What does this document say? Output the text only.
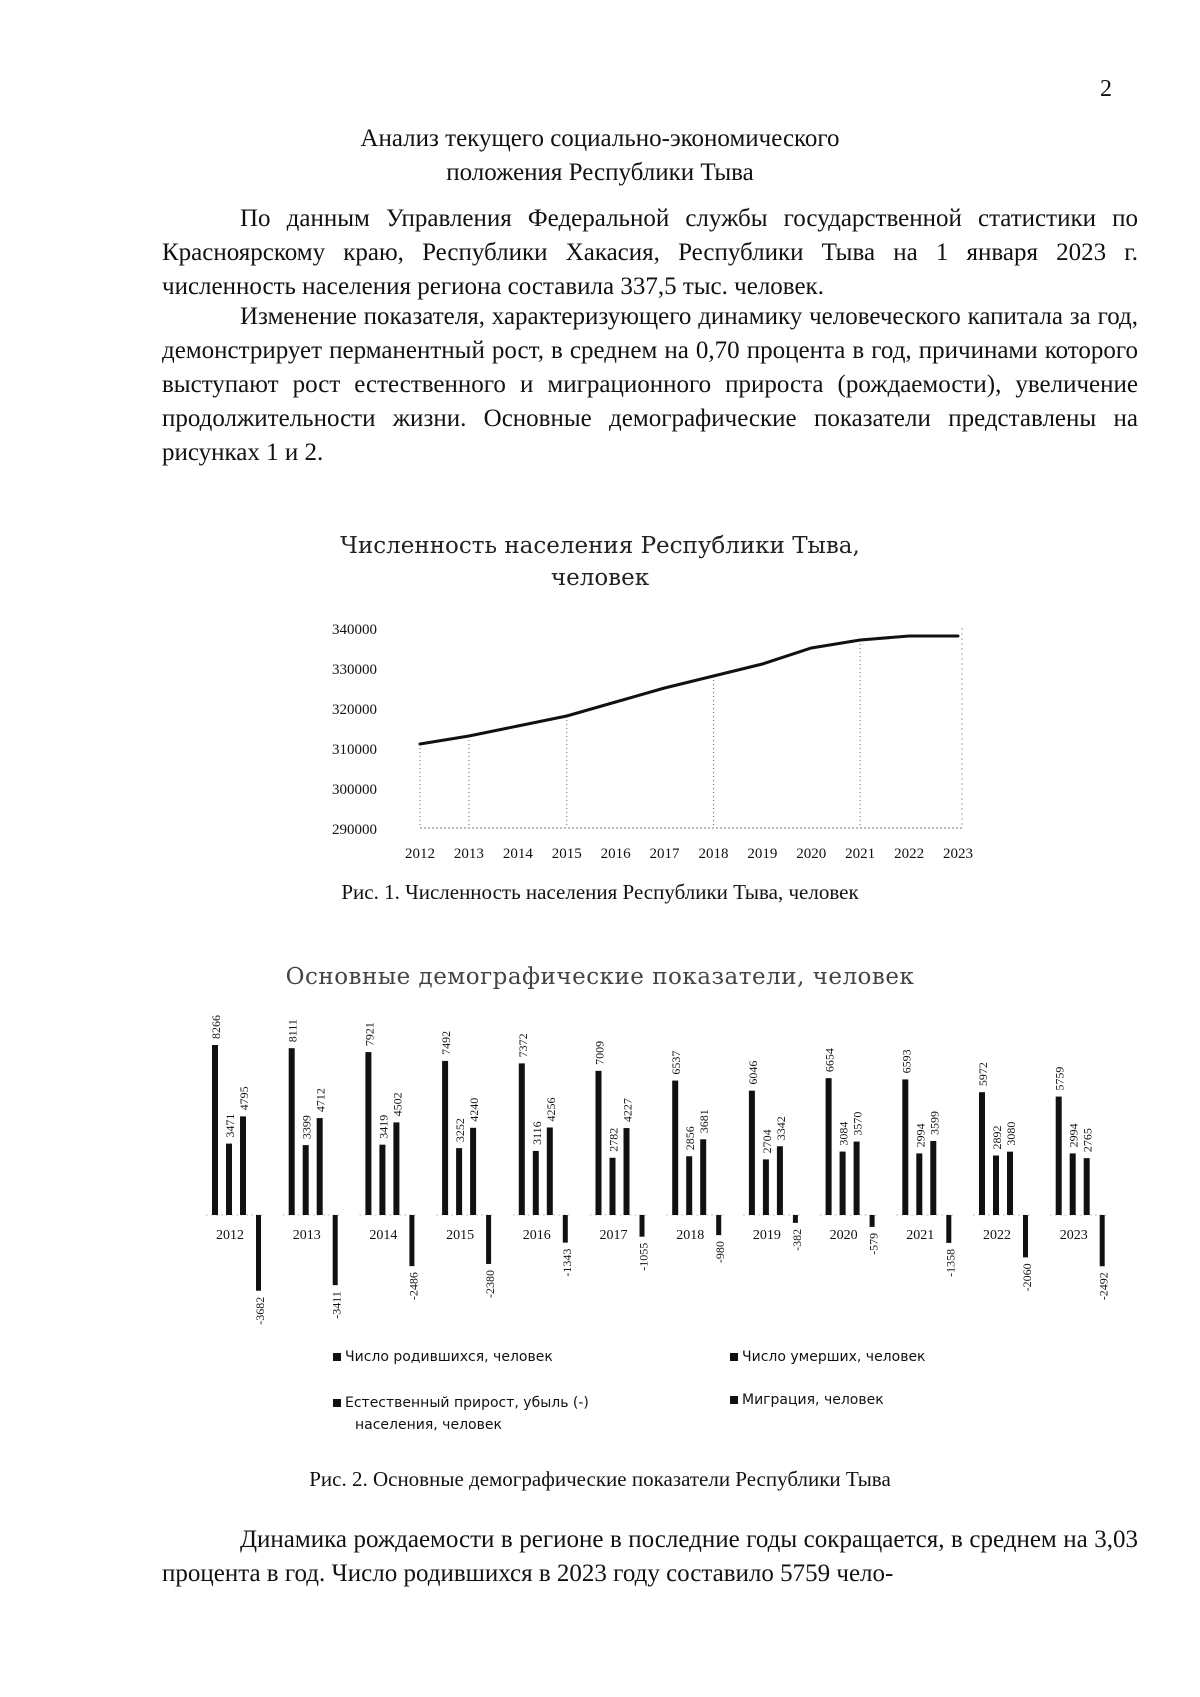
2
Анализ текущего социально-экономического
положения Республики Тыва

По данным Управления Федеральной службы государственной статистики по Красноярскому краю, Республики Хакасия, Республики Тыва на 1 января 2023 г. численность населения региона составила 337,5 тыс. человек.

Изменение показателя, характеризующего динамику человеческого капитала за год, демонстрирует перманентный рост, в среднем на 0,70 процента в год, причинами которого выступают рост естественного и миграционного прироста (рождаемости), увеличение продолжительности жизни. Основные демографические показатели представлены на рисунках 1 и 2.

Численность населения Республики Тыва,
человек
290000
300000
310000
320000
330000
340000
2012 2013 2014 2015 2016 2017 2018 2019 2020 2021 2022 2023
Рис. 1. Численность населения Республики Тыва, человек
Основные демографические показатели, человек
8266
3471
4795
-3682
2012
8111
3399
4712
-3411
2013
7921
3419
4502
-2486
2014
7492
3252
4240
-2380
2015
7372
3116
4256
-1343
2016
7009
2782
4227
-1055
2017
6537
2856
3681
-980
2018
6046
2704
3342
-382
2019
6654
3084 3570
-579
2020
6593
2994
3599
-1358
2021
5972
2892 3080
-2060
2022
5759
2994 2765
-2492
2023
Число родившихся, человек	Число умерших, человек
Естественный прирост, убыль (-)
населения, человек
Миграция, человек
Рис. 2. Основные демографические показатели Республики Тыва

Динамика рождаемости в регионе в последние годы сокращается, в среднем на 3,03 процента в год. Число родившихся в 2023 году составило 5759 чело-
